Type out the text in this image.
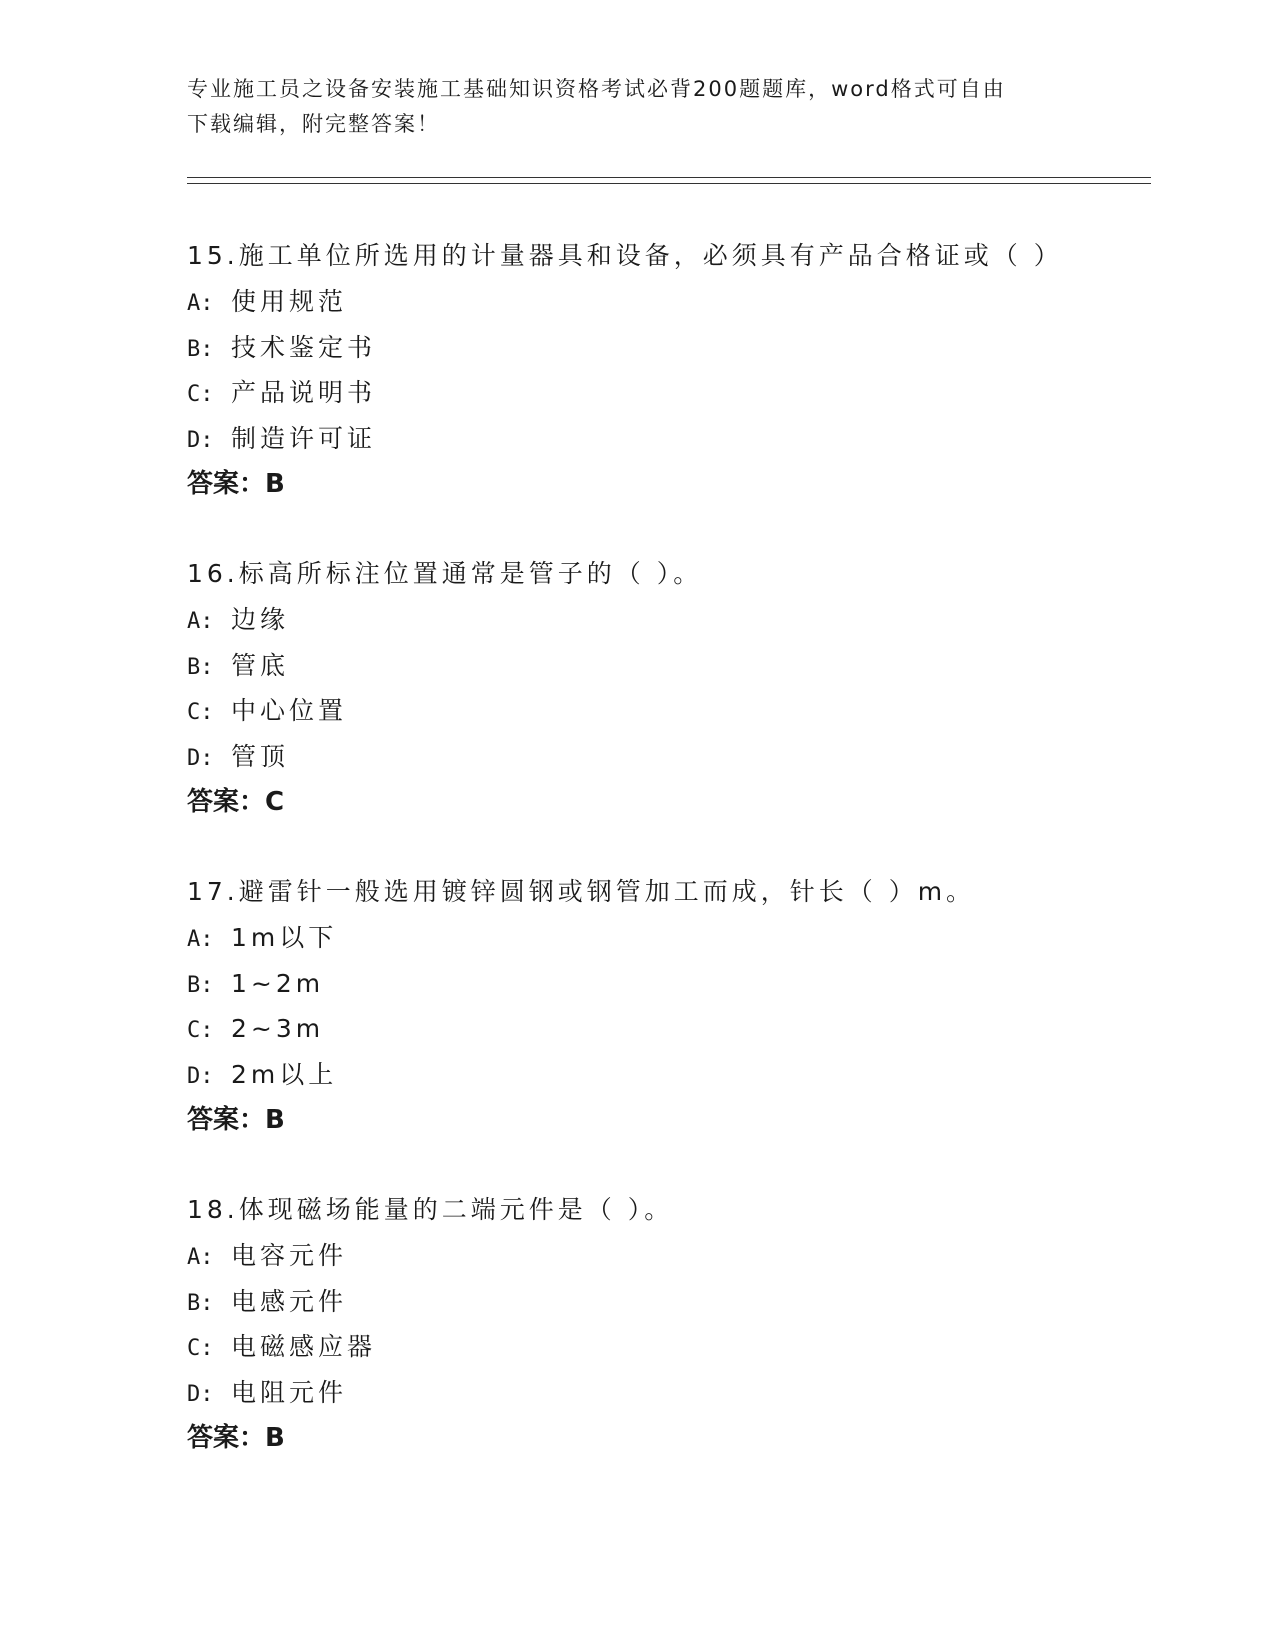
专业施工员之设备安装施工基础知识资格考试必背200题题库，word格式可自由
下载编辑，附完整答案！
15.施工单位所选用的计量器具和设备，必须具有产品合格证或（ ）
A: 使用规范
B: 技术鉴定书
C: 产品说明书
D: 制造许可证
答案：B
16.标高所标注位置通常是管子的（ ）。
A: 边缘
B: 管底
C: 中心位置
D: 管顶
答案：C
17.避雷针一般选用镀锌圆钢或钢管加工而成，针长（ ）m。
A: 1m以下
B: 1~2m
C: 2~3m
D: 2m以上
答案：B
18.体现磁场能量的二端元件是（ ）。
A: 电容元件
B: 电感元件
C: 电磁感应器
D: 电阻元件
答案：B
